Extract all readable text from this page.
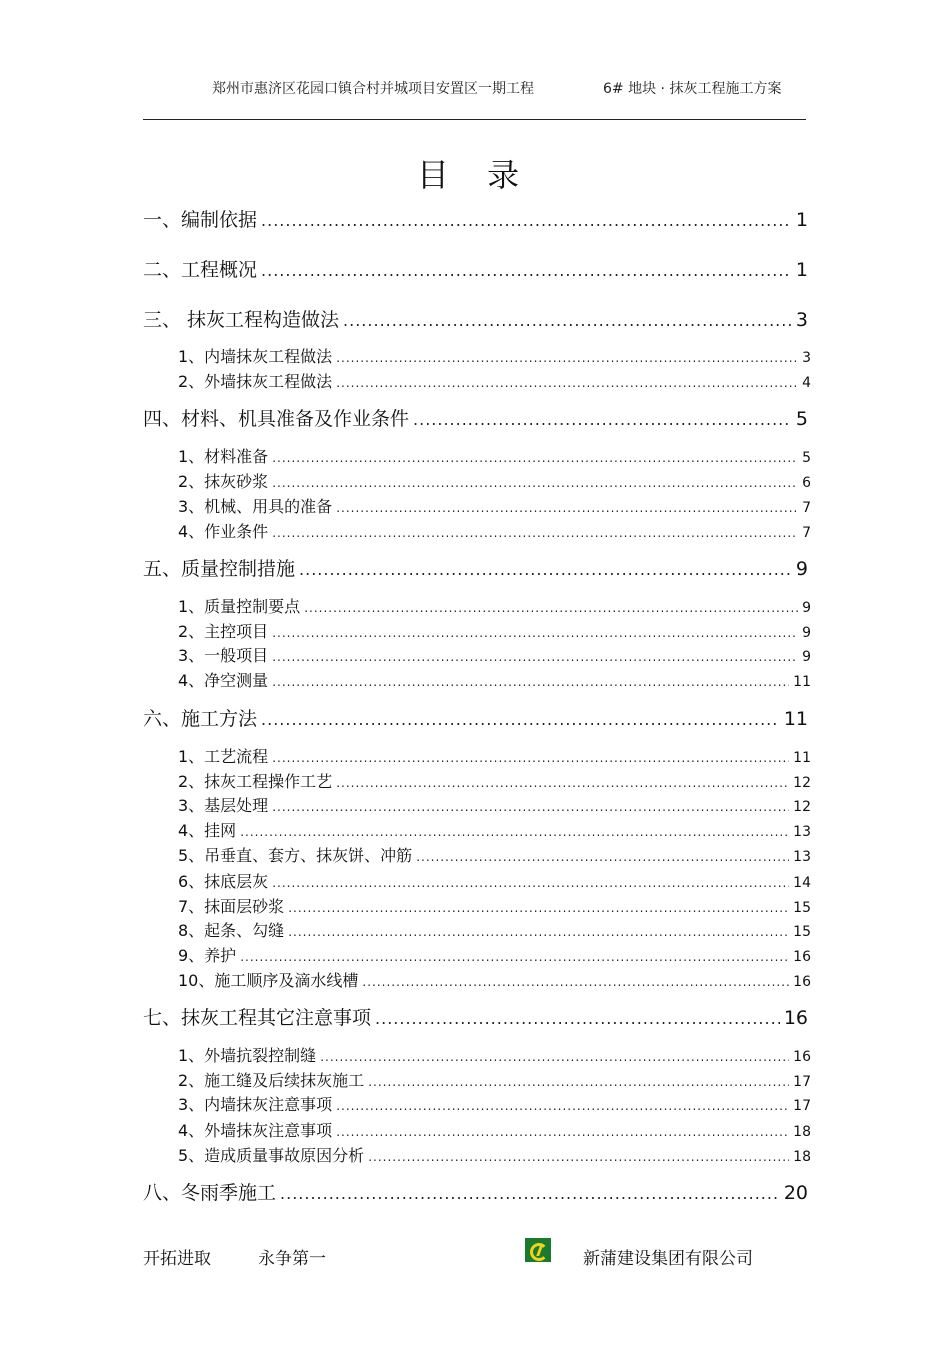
郑州市惠济区花园口镇合村并城项目安置区一期工程	6# 地块 · 抹灰工程施工方案
目 录
一、编制依据 .....	1
二、工程概况 .....	1
三、 抹灰工程构造做法 .....	3
1、内墙抹灰工程做法 .....	3
2、外墙抹灰工程做法 .....	4
四、材料、机具准备及作业条件 .....	5
1、材料准备 .....	5
2、抹灰砂浆 .....	6
3、机械、用具的准备 .....	7
4、作业条件 .....	7
五、质量控制措施 .....	9
1、质量控制要点 .....	9
2、主控项目 .....	9
3、一般项目 .....	9
4、净空测量 .....	11
六、施工方法 .....	11
1、工艺流程 .....	11
2、抹灰工程操作工艺 .....	12
3、基层处理 .....	12
4、挂网 .....	13
5、吊垂直、套方、抹灰饼、冲筋 .....	13
6、抹底层灰 .....	14
7、抹面层砂浆 .....	15
8、起条、勾缝 .....	15
9、养护 .....	16
10、施工顺序及滴水线槽 .....	16
七、抹灰工程其它注意事项 .....	16
1、外墙抗裂控制缝 .....	16
2、施工缝及后续抹灰施工 .....	17
3、内墙抹灰注意事项 .....	17
4、外墙抹灰注意事项 .....	18
5、造成质量事故原因分析 .....	18
八、冬雨季施工 .....	20
开拓进取	永争第一	新蒲建设集团有限公司
